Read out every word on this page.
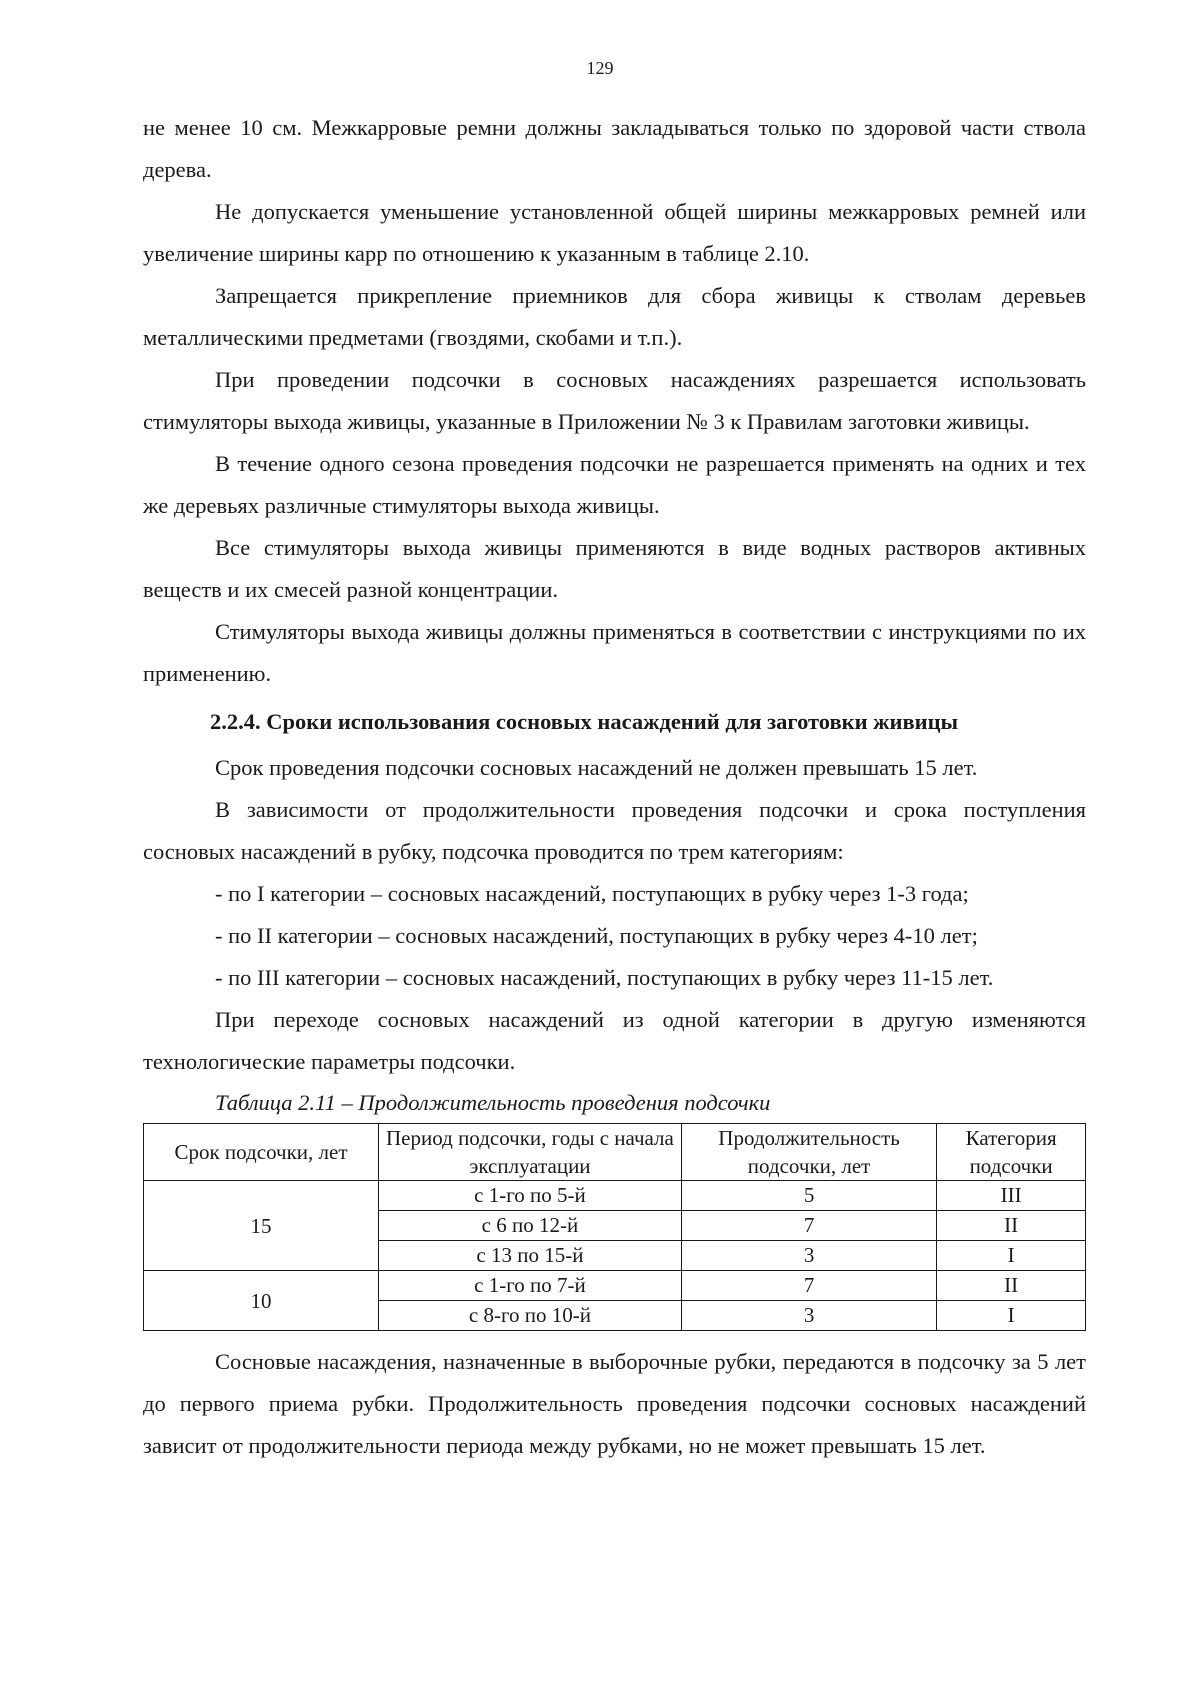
129

не менее 10 см. Межкарровые ремни должны закладываться только по здоровой части ствола дерева.

Не допускается уменьшение установленной общей ширины межкарровых ремней или увеличение ширины карр по отношению к указанным в таблице 2.10.

Запрещается прикрепление приемников для сбора живицы к стволам деревьев металлическими предметами (гвоздями, скобами и т.п.).

При проведении подсочки в сосновых насаждениях разрешается использовать стимуляторы выхода живицы, указанные в Приложении № 3 к Правилам заготовки живицы.

В течение одного сезона проведения подсочки не разрешается применять на одних и тех же деревьях различные стимуляторы выхода живицы.

Все стимуляторы выхода живицы применяются в виде водных растворов активных веществ и их смесей разной концентрации.

Стимуляторы выхода живицы должны применяться в соответствии с инструкциями по их применению.

2.2.4. Сроки использования сосновых насаждений для заготовки живицы

Срок проведения подсочки сосновых насаждений не должен превышать 15 лет.

В зависимости от продолжительности проведения подсочки и срока поступления сосновых насаждений в рубку, подсочка проводится по трем категориям:

- по I категории – сосновых насаждений, поступающих в рубку через 1-3 года;

- по II категории – сосновых насаждений, поступающих в рубку через 4-10 лет;

- по III категории – сосновых насаждений, поступающих в рубку через 11-15 лет.

При переходе сосновых насаждений из одной категории в другую изменяются технологические параметры подсочки.

Таблица 2.11 – Продолжительность проведения подсочки
Срок подсочки, лет	Период подсочки, годы с начала эксплуатации	Продолжительность подсочки, лет	Категория подсочки
15	с 1-го по 5-й	5	III
	с 6 по 12-й	7	II
	с 13 по 15-й	3	I
10	с 1-го по 7-й	7	II
	с 8-го по 10-й	3	I

Сосновые насаждения, назначенные в выборочные рубки, передаются в подсочку за 5 лет до первого приема рубки. Продолжительность проведения подсочки сосновых насаждений зависит от продолжительности периода между рубками, но не может превышать 15 лет.
